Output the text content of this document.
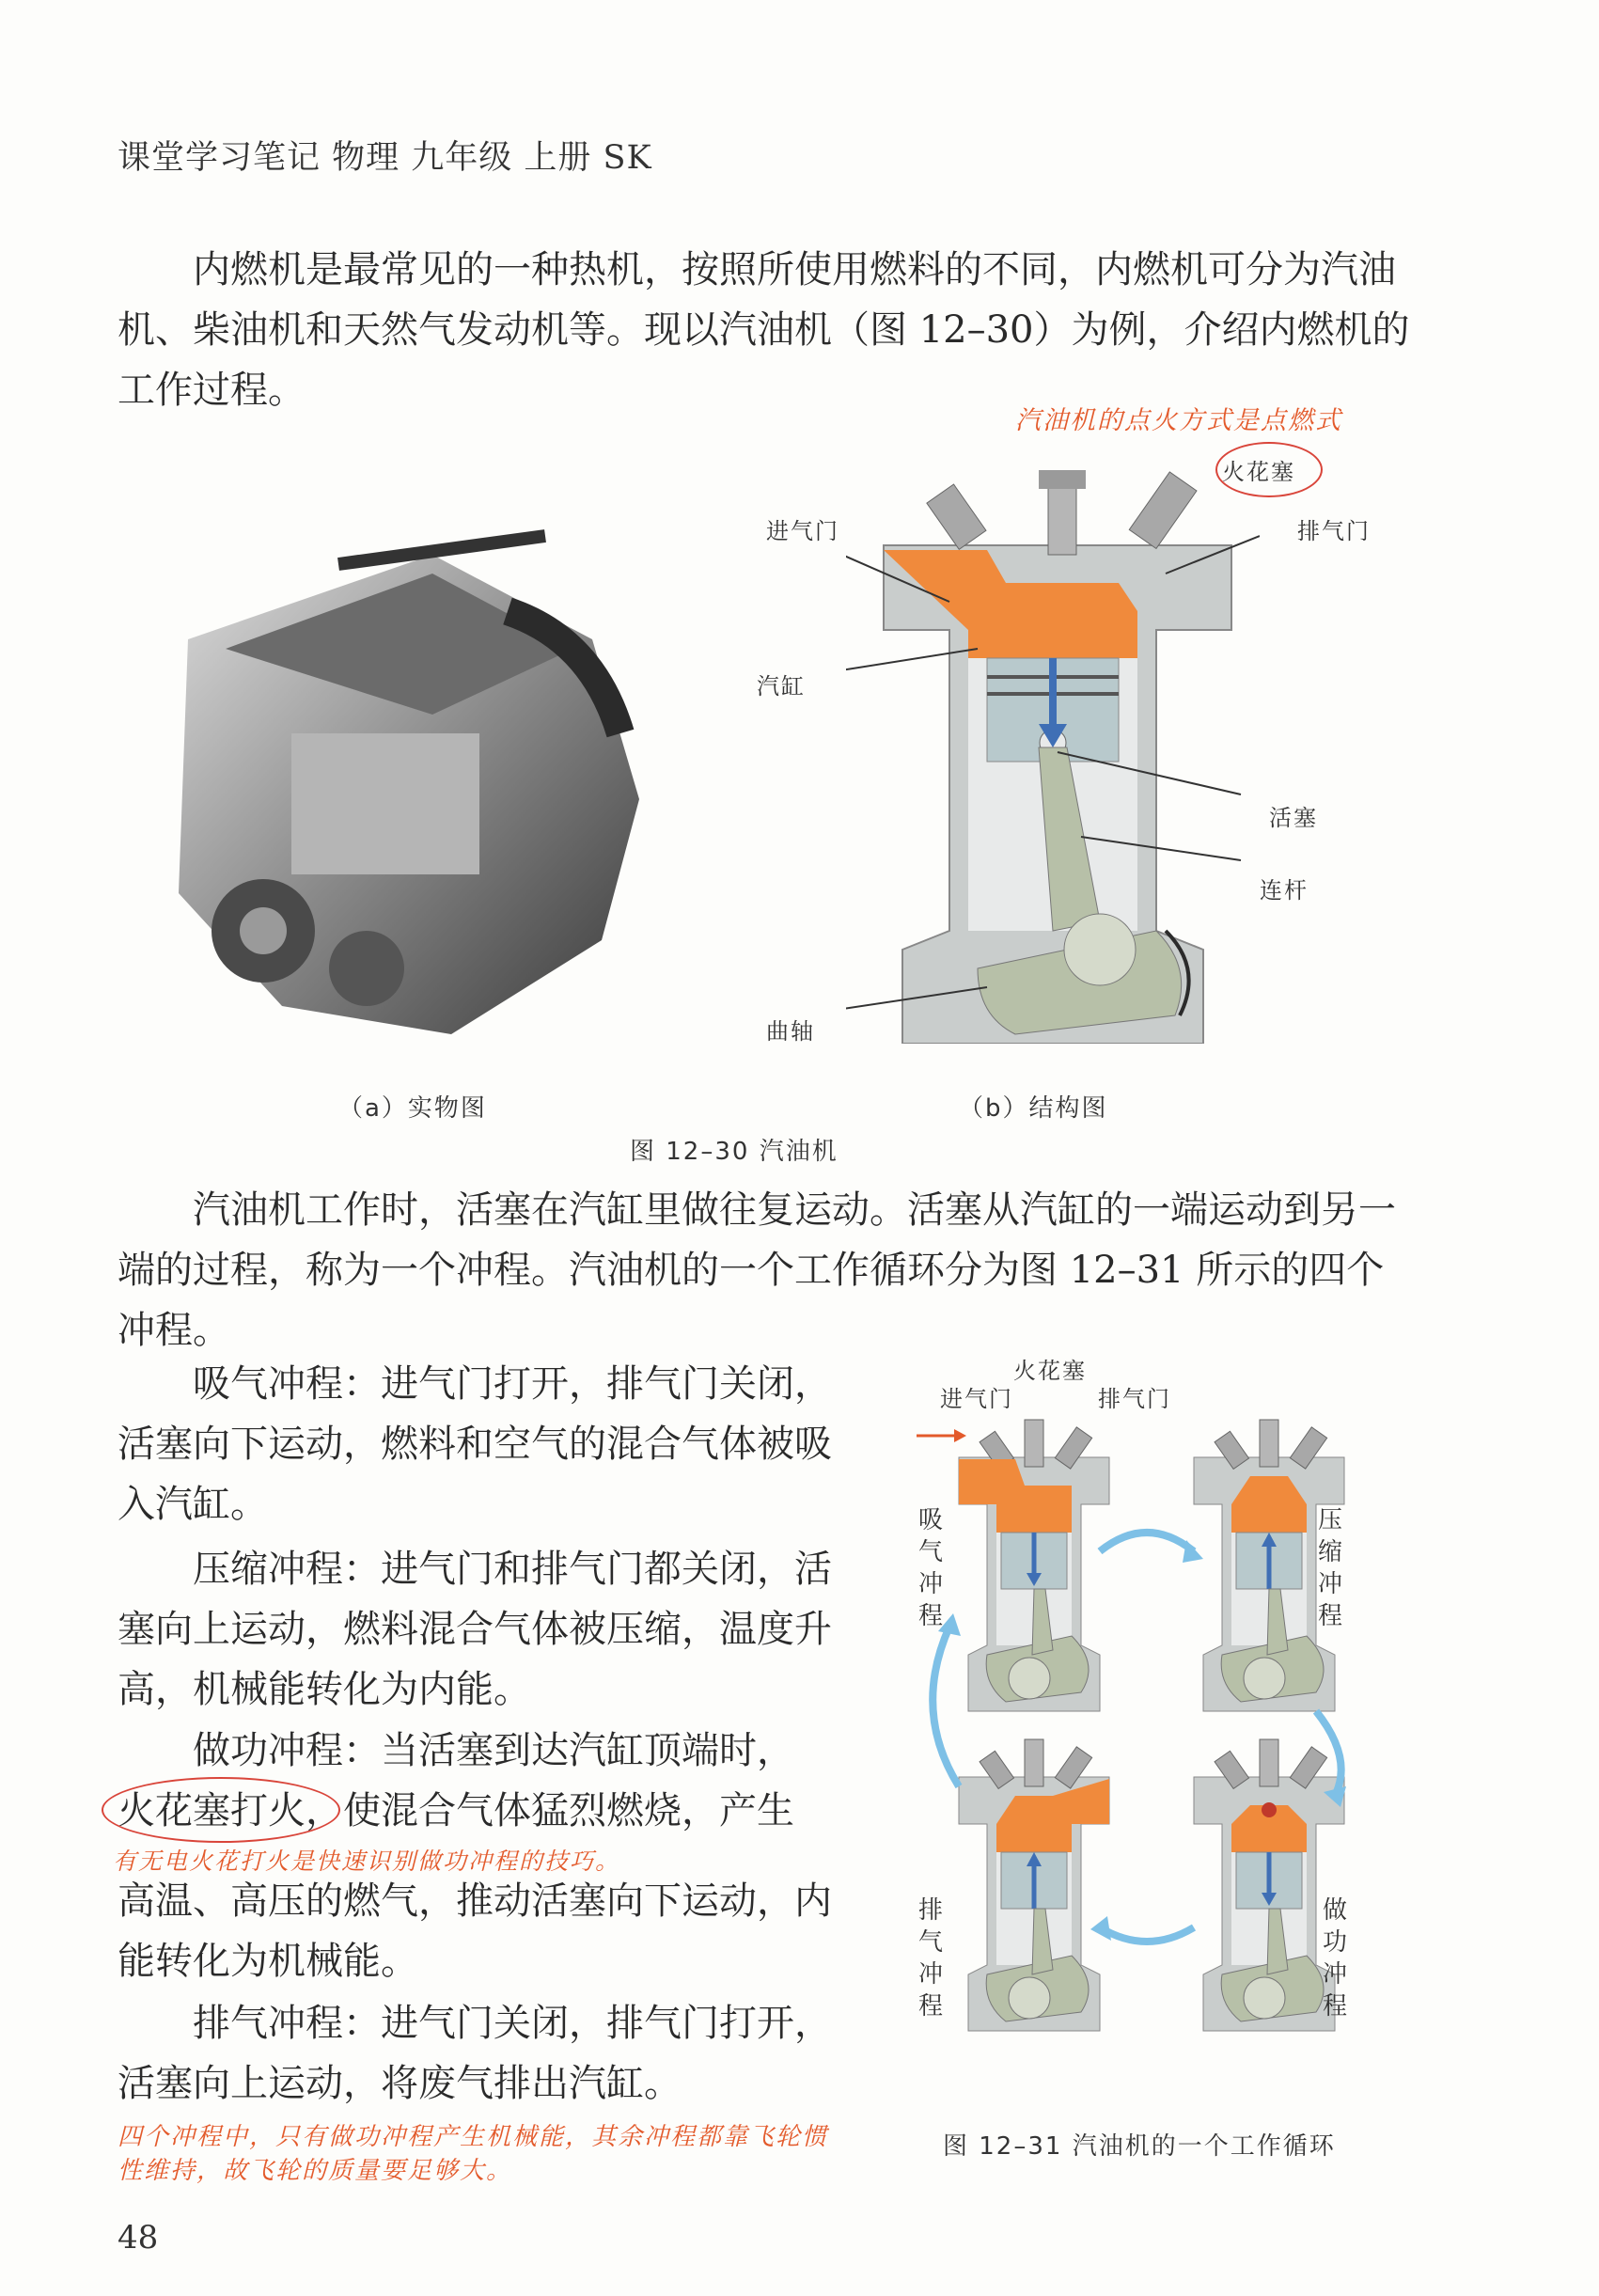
课堂学习笔记 物理 九年级 上册 SK
内燃机是最常见的一种热机，按照所使用燃料的不同，内燃机可分为汽油机、柴油机和天然气发动机等。现以汽油机（图 12–30）为例，介绍内燃机的工作过程。
汽油机的点火方式是点燃式
火花塞
进气门	排气门
汽缸
活塞
连杆
曲轴
（a）实物图	（b）结构图
图 12–30 汽油机
汽油机工作时，活塞在汽缸里做往复运动。活塞从汽缸的一端运动到另一端的过程，称为一个冲程。汽油机的一个工作循环分为图 12–31 所示的四个冲程。
吸气冲程：进气门打开，排气门关闭，活塞向下运动，燃料和空气的混合气体被吸入汽缸。
压缩冲程：进气门和排气门都关闭，活塞向上运动，燃料混合气体被压缩，温度升高，机械能转化为内能。
做功冲程：当活塞到达汽缸顶端时，
火花塞打火，使混合气体猛烈燃烧，产生
有无电火花打火是快速识别做功冲程的技巧。
高温、高压的燃气，推动活塞向下运动，内能转化为机械能。
排气冲程：进气门关闭，排气门打开，活塞向上运动，将废气排出汽缸。
四个冲程中，只有做功冲程产生机械能，其余冲程都靠飞轮惯性维持，故飞轮的质量要足够大。
火花塞
进气门	排气门
吸气冲程
压缩冲程
排气冲程
做功冲程
图 12–31 汽油机的一个工作循环
48
